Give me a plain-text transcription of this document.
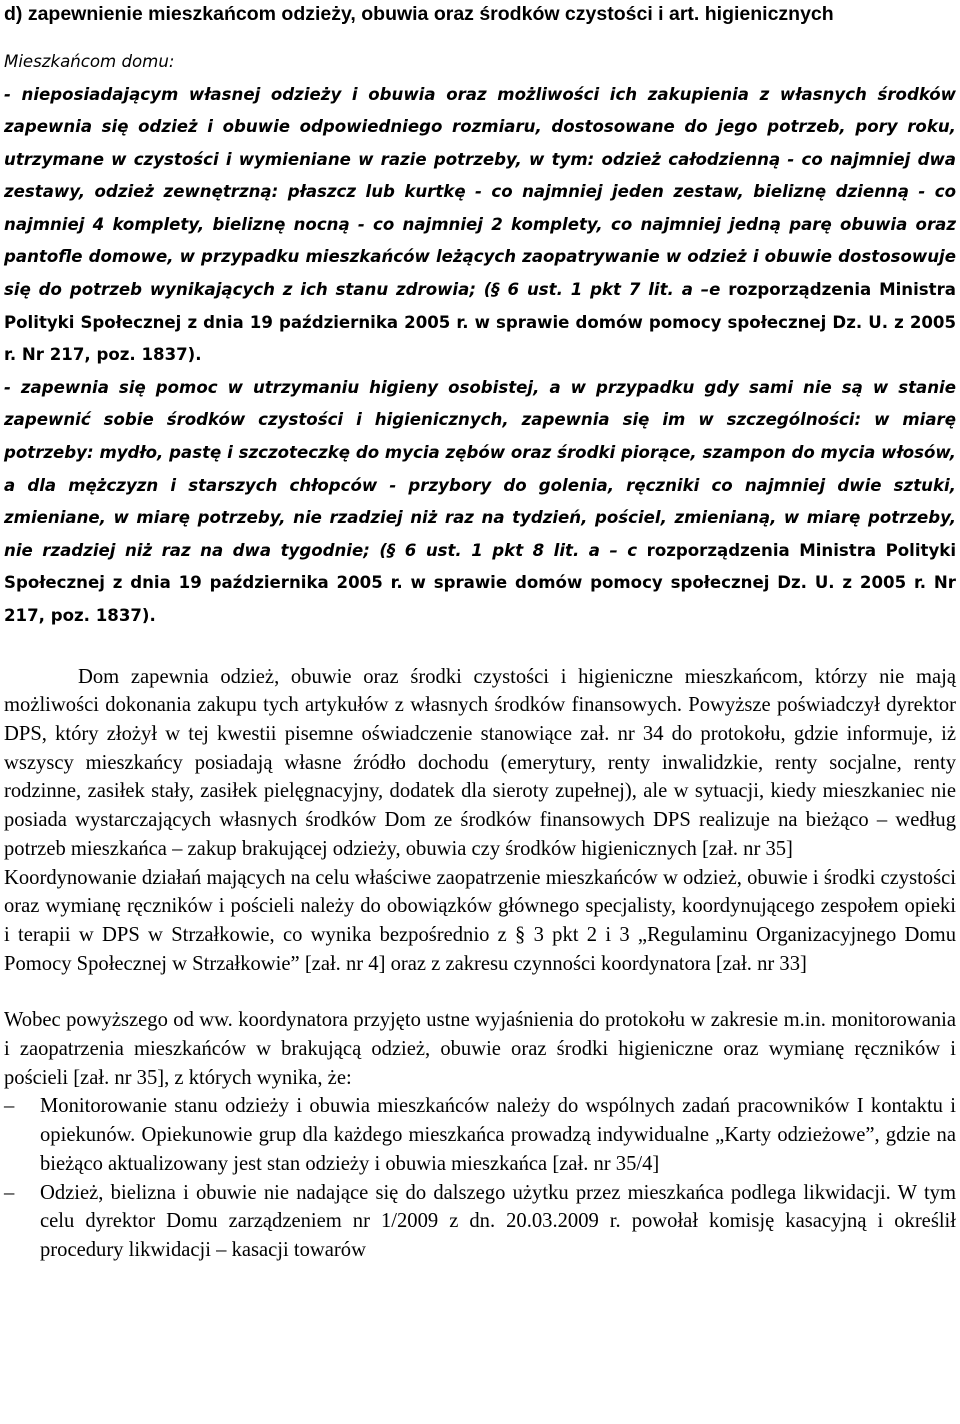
d) zapewnienie mieszkańcom odzieży, obuwia oraz środków czystości i art. higienicznych

Mieszkańcom domu:

- nieposiadającym własnej odzieży i obuwia oraz możliwości ich zakupienia z własnych środków zapewnia się odzież i obuwie odpowiedniego rozmiaru, dostosowane do jego potrzeb, pory roku, utrzymane w czystości i wymieniane w razie potrzeby, w tym: odzież całodzienną - co najmniej dwa zestawy, odzież zewnętrzną: płaszcz lub kurtkę - co najmniej jeden zestaw, bieliznę dzienną - co najmniej 4 komplety, bieliznę nocną - co najmniej 2 komplety, co najmniej jedną parę obuwia oraz pantofle domowe, w przypadku mieszkańców leżących zaopatrywanie w odzież i obuwie dostosowuje się do potrzeb wynikających z ich stanu zdrowia; (§ 6 ust. 1 pkt 7 lit. a –e rozporządzenia Ministra Polityki Społecznej z dnia 19 października 2005 r. w sprawie domów pomocy społecznej Dz. U. z 2005 r. Nr 217, poz. 1837).

- zapewnia się pomoc w utrzymaniu higieny osobistej, a w przypadku gdy sami nie są w stanie zapewnić sobie środków czystości i higienicznych, zapewnia się im w szczególności: w miarę potrzeby: mydło, pastę i szczoteczkę do mycia zębów oraz środki piorące, szampon do mycia włosów, a dla mężczyzn i starszych chłopców - przybory do golenia, ręczniki co najmniej dwie sztuki, zmieniane, w miarę potrzeby, nie rzadziej niż raz na tydzień, pościel, zmienianą, w miarę potrzeby, nie rzadziej niż raz na dwa tygodnie; (§ 6 ust. 1 pkt 8 lit. a – c rozporządzenia Ministra Polityki Społecznej z dnia 19 października 2005 r. w sprawie domów pomocy społecznej Dz. U. z 2005 r. Nr 217, poz. 1837).

Dom zapewnia odzież, obuwie oraz środki czystości i higieniczne mieszkańcom, którzy nie mają możliwości dokonania zakupu tych artykułów z własnych środków finansowych. Powyższe poświadczył dyrektor DPS, który złożył w tej kwestii pisemne oświadczenie stanowiące zał. nr 34 do protokołu, gdzie informuje, iż wszyscy mieszkańcy posiadają własne źródło dochodu (emerytury, renty inwalidzkie, renty socjalne, renty rodzinne, zasiłek stały, zasiłek pielęgnacyjny, dodatek dla sieroty zupełnej), ale w sytuacji, kiedy mieszkaniec nie posiada wystarczających własnych środków Dom ze środków finansowych DPS realizuje na bieżąco – według potrzeb mieszkańca – zakup brakującej odzieży, obuwia czy środków higienicznych [zał. nr 35]

Koordynowanie działań mających na celu właściwe zaopatrzenie mieszkańców w odzież, obuwie i środki czystości oraz wymianę ręczników i pościeli należy do obowiązków głównego specjalisty, koordynującego zespołem opieki i terapii w DPS w Strzałkowie, co wynika bezpośrednio z § 3 pkt 2 i 3 „Regulaminu Organizacyjnego Domu Pomocy Społecznej w Strzałkowie” [zał. nr 4] oraz z zakresu czynności koordynatora [zał. nr 33]

Wobec powyższego od ww. koordynatora przyjęto ustne wyjaśnienia do protokołu w zakresie m.in. monitorowania i zaopatrzenia mieszkańców w brakującą odzież, obuwie oraz środki higieniczne oraz wymianę ręczników i pościeli [zał. nr 35], z których wynika, że:

–	Monitorowanie stanu odzieży i obuwia mieszkańców należy do wspólnych zadań pracowników I kontaktu i opiekunów. Opiekunowie grup dla każdego mieszkańca prowadzą indywidualne „Karty odzieżowe”, gdzie na bieżąco aktualizowany jest stan odzieży i obuwia mieszkańca [zał. nr 35/4]
–	Odzież, bielizna i obuwie nie nadające się do dalszego użytku przez mieszkańca podlega likwidacji. W tym celu dyrektor Domu zarządzeniem nr 1/2009 z dn. 20.03.2009 r. powołał komisję kasacyjną i określił procedury likwidacji – kasacji towarów
